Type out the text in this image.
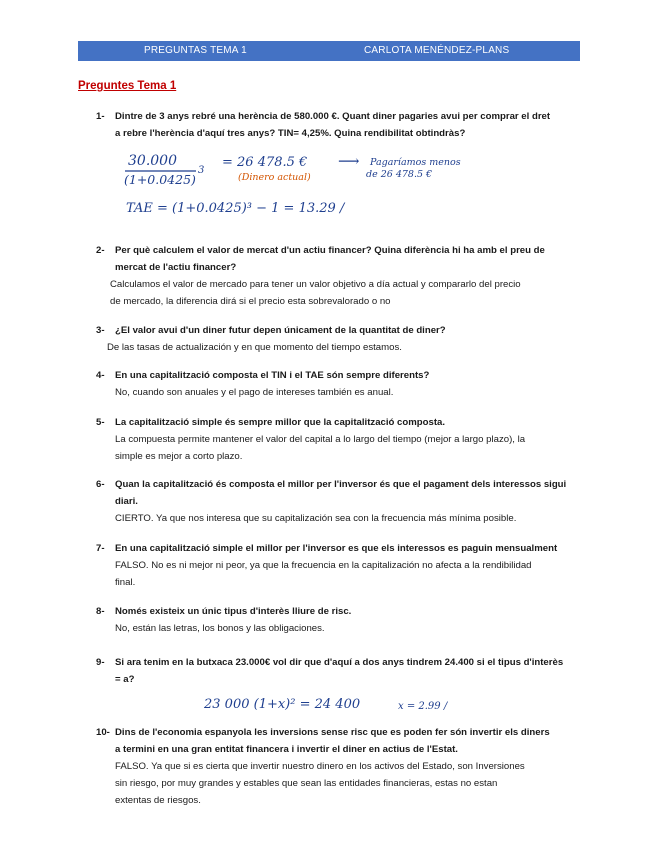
PREGUNTAS TEMA 1	CARLOTA MENÉNDEZ-PLANS
Preguntes Tema 1
1- Dintre de 3 anys rebré una herència de 580.000 €. Quant diner pagaries avui per comprar el dret
a rebre l'herència d'aquí tres anys? TIN= 4,25%. Quina rendibilitat obtindràs?
30.000
(1+0.0425)
3
= 26 478.5 €
(Dinero actual)
⟶ Pagaríamos menos
de 26 478.5 €
TAE = (1+0.0425)³ − 1 = 13.29 /
2- Per què calculem el valor de mercat d'un actiu financer? Quina diferència hi ha amb el preu de
mercat de l'actiu financer?
Calculamos el valor de mercado para tener un valor objetivo a día actual y compararlo del precio
de mercado, la diferencia dirá si el precio esta sobrevalorado o no
3- ¿El valor avui d'un diner futur depen únicament de la quantitat de diner?
De las tasas de actualización y en que momento del tiempo estamos.
4- En una capitalització composta el TIN i el TAE són sempre diferents?
No, cuando son anuales y el pago de intereses también es anual.
5- La capitalització simple és sempre millor que la capitalització composta.
La compuesta permite mantener el valor del capital a lo largo del tiempo (mejor a largo plazo), la
simple es mejor a corto plazo.
6- Quan la capitalització és composta el millor per l'inversor és que el pagament dels interessos sigui
diari.
CIERTO. Ya que nos interesa que su capitalización sea con la frecuencia más mínima posible.
7- En una capitalització simple el millor per l'inversor es que els interessos es paguin mensualment
FALSO. No es ni mejor ni peor, ya que la frecuencia en la capitalización no afecta a la rendibilidad
final.
8- Només existeix un únic tipus d'interès lliure de risc.
No, están las letras, los bonos y las obligaciones.
9- Si ara tenim en la butxaca 23.000€ vol dir que d'aquí a dos anys tindrem 24.400 si el tipus d'interès
= a?
23 000 (1+x)² = 24 400	x = 2.99 /
10- Dins de l'economia espanyola les inversions sense risc que es poden fer són invertir els diners
a termini en una gran entitat financera i invertir el diner en actius de l'Estat.
FALSO. Ya que si es cierta que invertir nuestro dinero en los activos del Estado, son Inversiones
sin riesgo, por muy grandes y estables que sean las entidades financieras, estas no estan
extentas de riesgos.
